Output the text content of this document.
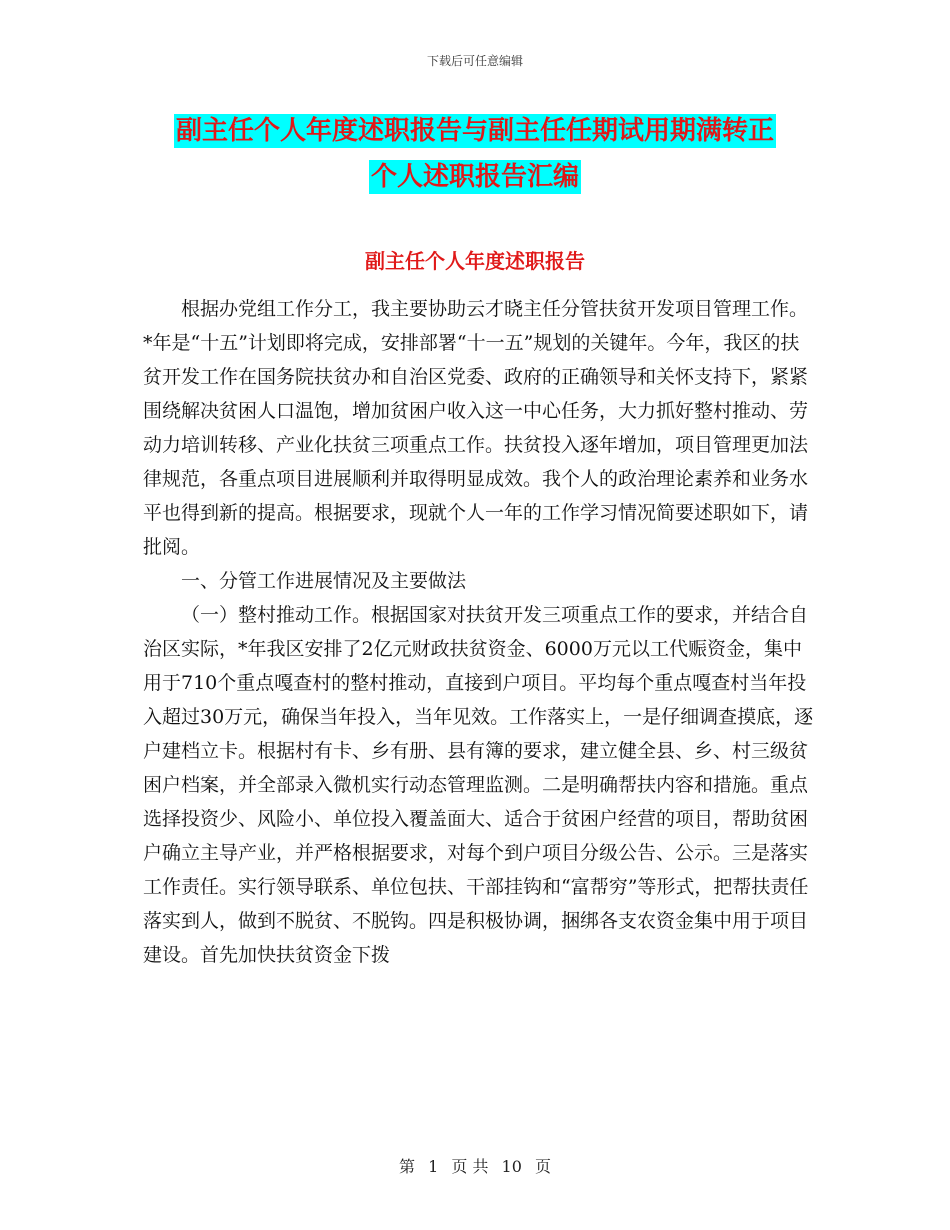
下载后可任意编辑
副主任个人年度述职报告与副主任任期试用期满转正
个人述职报告汇编
副主任个人年度述职报告

根据办党组工作分工，我主要协助云才晓主任分管扶贫开发项目管理工作。*年是“十五”计划即将完成，安排部署“十一五”规划的关键年。今年，我区的扶贫开发工作在国务院扶贫办和自治区党委、政府的正确领导和关怀支持下，紧紧围绕解决贫困人口温饱，增加贫困户收入这一中心任务，大力抓好整村推动、劳动力培训转移、产业化扶贫三项重点工作。扶贫投入逐年增加，项目管理更加法律规范，各重点项目进展顺利并取得明显成效。我个人的政治理论素养和业务水平也得到新的提高。根据要求，现就个人一年的工作学习情况简要述职如下，请批阅。

一、分管工作进展情况及主要做法

（一）整村推动工作。根据国家对扶贫开发三项重点工作的要求，并结合自治区实际，*年我区安排了2亿元财政扶贫资金、6000万元以工代赈资金，集中用于710个重点嘎查村的整村推动，直接到户项目。平均每个重点嘎查村当年投入超过30万元，确保当年投入，当年见效。工作落实上，一是仔细调查摸底，逐户建档立卡。根据村有卡、乡有册、县有簿的要求，建立健全县、乡、村三级贫困户档案，并全部录入微机实行动态管理监测。二是明确帮扶内容和措施。重点选择投资少、风险小、单位投入覆盖面大、适合于贫困户经营的项目，帮助贫困户确立主导产业，并严格根据要求，对每个到户项目分级公告、公示。三是落实工作责任。实行领导联系、单位包扶、干部挂钩和“富帮穷”等形式，把帮扶责任落实到人，做到不脱贫、不脱钩。四是积极协调，捆绑各支农资金集中用于项目建设。首先加快扶贫资金下拨

第 1 页 共 10 页
